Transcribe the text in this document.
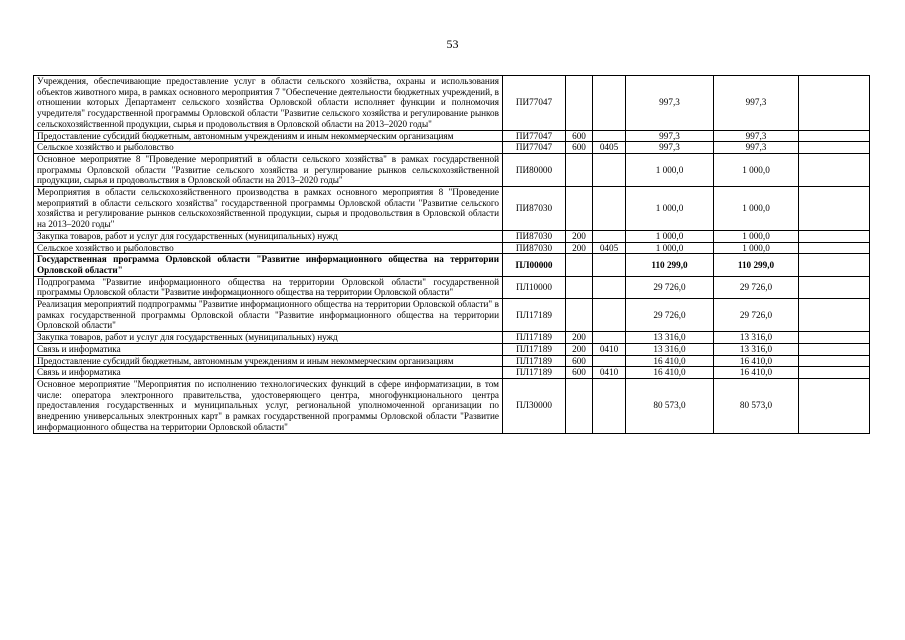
53
Учреждения, обеспечивающие предоставление услуг в области сельского хозяйства, охраны и использования объектов животного мира, в рамках основного мероприятия 7 "Обеспечение деятельности бюджетных учреждений, в отношении которых Департамент сельского хозяйства Орловской области исполняет функции и полномочия учредителя" государственной программы Орловской области "Развитие сельского хозяйства и регулирование рынков сельскохозяйственной продукции, сырья и продовольствия в Орловской области на 2013–2020 годы"	ПИ77047			997,3	997,3	
Предоставление субсидий бюджетным, автономным учреждениям и иным некоммерческим организациям	ПИ77047	600		997,3	997,3	
Сельское хозяйство и рыболовство	ПИ77047	600	0405	997,3	997,3	
Основное мероприятие 8 "Проведение мероприятий в области сельского хозяйства" в рамках государственной программы Орловской области "Развитие сельского хозяйства и регулирование рынков сельскохозяйственной продукции, сырья и продовольствия в Орловской области на 2013–2020 годы"	ПИ80000			1 000,0	1 000,0	
Мероприятия в области сельскохозяйственного производства в рамках основного мероприятия 8 "Проведение мероприятий в области сельского хозяйства" государственной программы Орловской области "Развитие сельского хозяйства и регулирование рынков сельскохозяйственной продукции, сырья и продовольствия в Орловской области на 2013–2020 годы"	ПИ87030			1 000,0	1 000,0	
Закупка товаров, работ и услуг для государственных (муниципальных) нужд	ПИ87030	200		1 000,0	1 000,0	
Сельское хозяйство и рыболовство	ПИ87030	200	0405	1 000,0	1 000,0	
Государственная программа Орловской области "Развитие информационного общества на территории Орловской области"	ПЛ00000			110 299,0	110 299,0	
Подпрограмма "Развитие информационного общества на территории Орловской области" государственной программы Орловской области "Развитие информационного общества на территории Орловской области"	ПЛ10000			29 726,0	29 726,0	
Реализация мероприятий подпрограммы "Развитие информационного общества на территории Орловской области" в рамках государственной программы Орловской области "Развитие информационного общества на территории Орловской области"	ПЛ17189			29 726,0	29 726,0	
Закупка товаров, работ и услуг для государственных (муниципальных) нужд	ПЛ17189	200		13 316,0	13 316,0	
Связь и информатика	ПЛ17189	200	0410	13 316,0	13 316,0	
Предоставление субсидий бюджетным, автономным учреждениям и иным некоммерческим организациям	ПЛ17189	600		16 410,0	16 410,0	
Связь и информатика	ПЛ17189	600	0410	16 410,0	16 410,0	
Основное мероприятие "Мероприятия по исполнению технологических функций в сфере информатизации, в том числе: оператора электронного правительства, удостоверяющего центра, многофункционального центра предоставления государственных и муниципальных услуг, региональной уполномоченной организации по внедрению универсальных электронных карт" в рамках государственной программы Орловской области "Развитие информационного общества на территории Орловской области"	ПЛ30000			80 573,0	80 573,0	
